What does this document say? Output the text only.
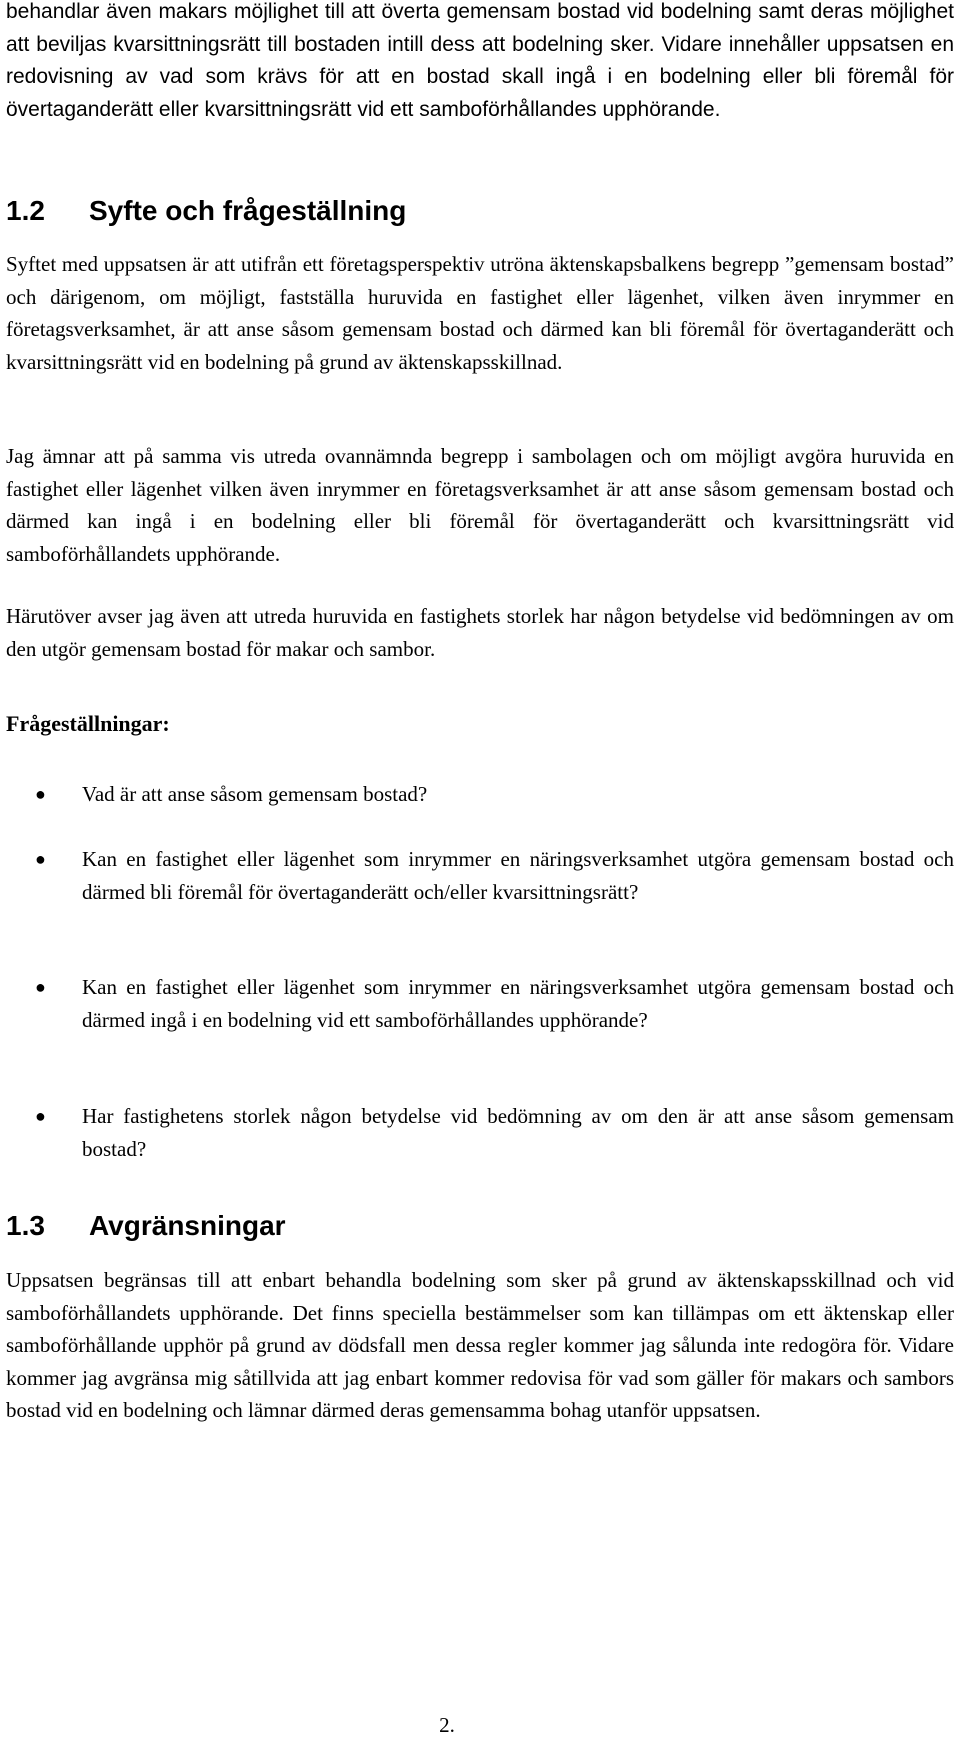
behandlar även makars möjlighet till att överta gemensam bostad vid bodelning samt deras möjlighet att beviljas kvarsittningsrätt till bostaden intill dess att bodelning sker. Vidare innehåller uppsatsen en redovisning av vad som krävs för att en bostad skall ingå i en bodelning eller bli föremål för övertaganderätt eller kvarsittningsrätt vid ett samboförhållandes upphörande.

1.2	Syfte och frågeställning

Syftet med uppsatsen är att utifrån ett företagsperspektiv utröna äktenskapsbalkens begrepp ”gemensam bostad” och därigenom, om möjligt, fastställa huruvida en fastighet eller lägenhet, vilken även inrymmer en företagsverksamhet, är att anse såsom gemensam bostad och därmed kan bli föremål för övertaganderätt och kvarsittningsrätt vid en bodelning på grund av äktenskapsskillnad.

Jag ämnar att på samma vis utreda ovannämnda begrepp i sambolagen och om möjligt avgöra huruvida en fastighet eller lägenhet vilken även inrymmer en företagsverksamhet är att anse såsom gemensam bostad och därmed kan ingå i en bodelning eller bli föremål för övertaganderätt och kvarsittningsrätt vid samboförhållandets upphörande.

Härutöver avser jag även att utreda huruvida en fastighets storlek har någon betydelse vid bedömningen av om den utgör gemensam bostad för makar och sambor.

Frågeställningar:

● Vad är att anse såsom gemensam bostad?
● Kan en fastighet eller lägenhet som inrymmer en näringsverksamhet utgöra gemensam bostad och därmed bli föremål för övertaganderätt och/eller kvarsittningsrätt?
● Kan en fastighet eller lägenhet som inrymmer en näringsverksamhet utgöra gemensam bostad och därmed ingå i en bodelning vid ett samboförhållandes upphörande?
● Har fastighetens storlek någon betydelse vid bedömning av om den är att anse såsom gemensam bostad?
1.3	Avgränsningar

Uppsatsen begränsas till att enbart behandla bodelning som sker på grund av äktenskapsskillnad och vid samboförhållandets upphörande. Det finns speciella bestämmelser som kan tillämpas om ett äktenskap eller samboförhållande upphör på grund av dödsfall men dessa regler kommer jag sålunda inte redogöra för. Vidare kommer jag avgränsa mig såtillvida att jag enbart kommer redovisa för vad som gäller för makars och sambors bostad vid en bodelning och lämnar därmed deras gemensamma bohag utanför uppsatsen.

2.
